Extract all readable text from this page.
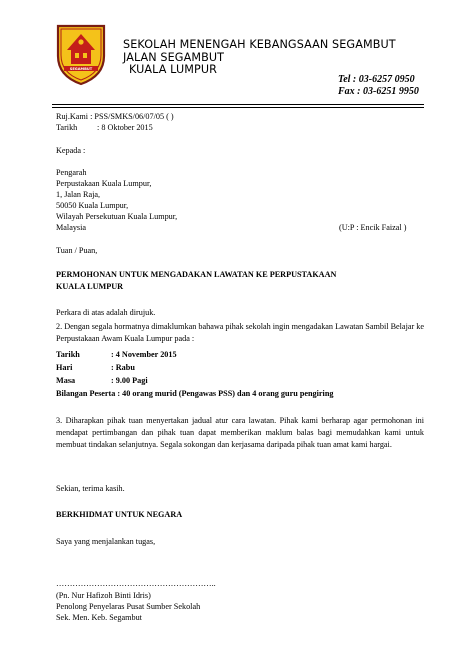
SEGAMBUT
SEKOLAH MENENGAH KEBANGSAAN SEGAMBUT
JALAN SEGAMBUT
KUALA LUMPUR
Tel : 03-6257 0950
Fax : 03-6251 9950
Ruj.Kami : PSS/SMKS/06/07/05 ( )
Tarikh : 8 Oktober 2015
Kepada :
Pengarah
Perpustakaan Kuala Lumpur,
1, Jalan Raja,
50050 Kuala Lumpur,
Wilayah Persekutuan Kuala Lumpur,
Malaysia	(U:P : Encik Faizal )
Tuan / Puan,
PERMOHONAN UNTUK MENGADAKAN LAWATAN KE PERPUSTAKAAN
KUALA LUMPUR
Perkara di atas adalah dirujuk.
2. Dengan segala hormatnya dimaklumkan bahawa pihak sekolah ingin mengadakan Lawatan Sambil Belajar ke Perpustakaan Awam Kuala Lumpur pada :
Tarikh	: 4 November 2015
Hari	: Rabu
Masa	: 9.00 Pagi
Bilangan Peserta : 40 orang murid (Pengawas PSS) dan 4 orang guru pengiring
3. Diharapkan pihak tuan menyertakan jadual atur cara lawatan. Pihak kami berharap agar permohonan ini mendapat pertimbangan dan pihak tuan dapat memberikan maklum balas bagi memudahkan kami untuk membuat tindakan selanjutnya. Segala sokongan dan kerjasama daripada pihak tuan amat kami hargai.
Sekian, terima kasih.
BERKHIDMAT UNTUK NEGARA
Saya yang menjalankan tugas,
…………………………………………………..
(Pn. Nur Hafizoh Binti Idris)
Penolong Penyelaras Pusat Sumber Sekolah
Sek. Men. Keb. Segambut
